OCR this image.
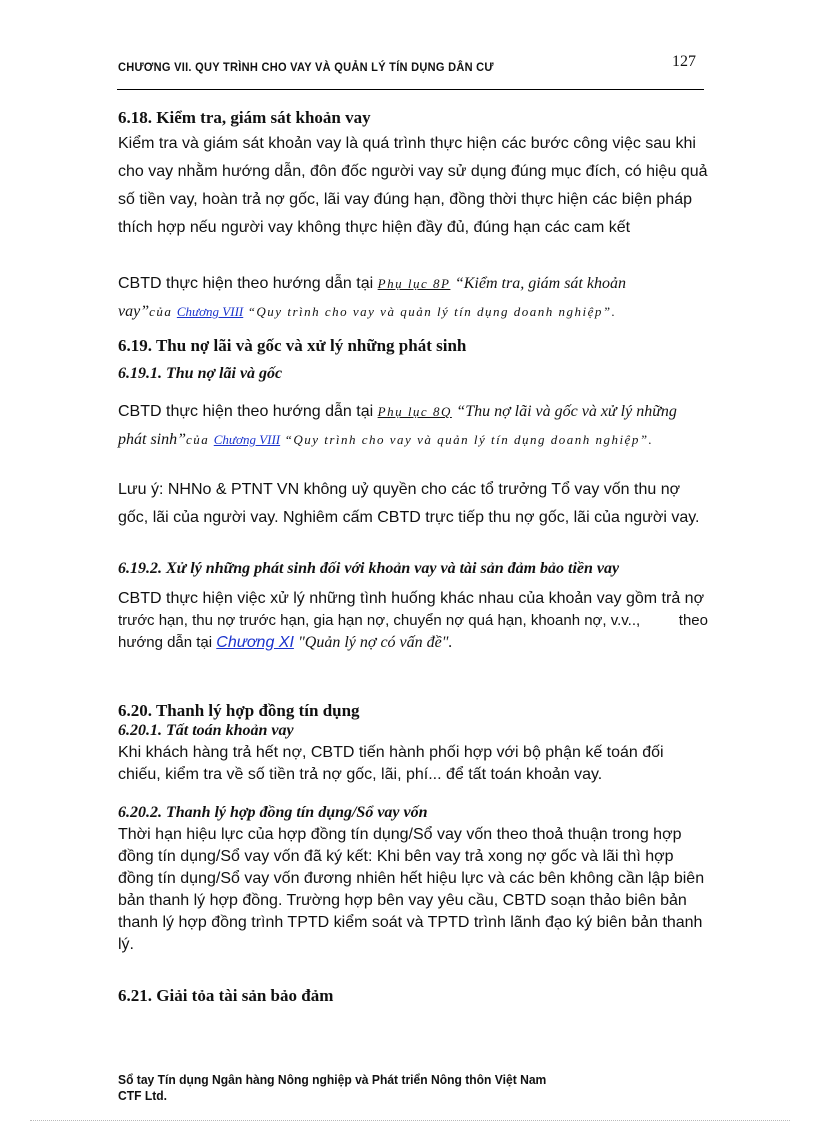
CHƯƠNG VII. QUY TRÌNH CHO VAY VÀ QUẢN LÝ TÍN DỤNG DÂN CƯ	127
6.18. Kiểm tra, giám sát khoản vay
Kiểm tra và giám sát khoản vay là quá trình thực hiện các bước công việc sau khi
cho vay nhằm hướng dẫn, đôn đốc người vay sử dụng đúng mục đích, có hiệu quả
số tiền vay, hoàn trả nợ gốc, lãi vay đúng hạn, đồng thời thực hiện các biện pháp
thích hợp nếu người vay không thực hiện đầy đủ, đúng hạn các cam kết
CBTD thực hiện theo hướng dẫn tại Phụ lục 8P “Kiểm tra, giám sát khoản
vay”của Chương VIII “Quy trình cho vay và quản lý tín dụng doanh nghiệp”.
6.19. Thu nợ lãi và gốc và xử lý những phát sinh
6.19.1. Thu nợ lãi và gốc
CBTD thực hiện theo hướng dẫn tại Phụ lục 8Q “Thu nợ lãi và gốc và xử lý những
phát sinh”của Chương VIII “Quy trình cho vay và quản lý tín dụng doanh nghiệp”.
Lưu ý: NHNo & PTNT VN không uỷ quyền cho các tổ trưởng Tổ vay vốn thu nợ
gốc, lãi của người vay. Nghiêm cấm CBTD trực tiếp thu nợ gốc, lãi của người vay.
6.19.2. Xử lý những phát sinh đối với khoản vay và tài sản đảm bảo tiền vay
CBTD thực hiện việc xử lý những tình huống khác nhau của khoản vay gồm trả nợ
trước hạn, thu nợ trước hạn, gia hạn nợ, chuyển nợ quá hạn, khoanh nợ, v.v..,	theo
hướng dẫn tại Chương XI "Quản lý nợ có vấn đề".
6.20. Thanh lý hợp đồng tín dụng
6.20.1. Tất toán khoản vay
Khi khách hàng trả hết nợ, CBTD tiến hành phối hợp với bộ phận kế toán đối
chiếu, kiểm tra về số tiền trả nợ gốc, lãi, phí... để tất toán khoản vay.
6.20.2. Thanh lý hợp đồng tín dụng/Sổ vay vốn
Thời hạn hiệu lực của hợp đồng tín dụng/Sổ vay vốn theo thoả thuận trong hợp
đồng tín dụng/Sổ vay vốn đã ký kết: Khi bên vay trả xong nợ gốc và lãi thì hợp
đồng tín dụng/Sổ vay vốn đương nhiên hết hiệu lực và các bên không cần lập biên
bản thanh lý hợp đồng. Trường hợp bên vay yêu cầu, CBTD soạn thảo biên bản
thanh lý hợp đồng trình TPTD kiểm soát và TPTD trình lãnh đạo ký biên bản thanh
lý.
6.21. Giải tỏa tài sản bảo đảm
Sổ tay Tín dụng Ngân hàng Nông nghiệp và Phát triển Nông thôn Việt Nam
CTF Ltd.
